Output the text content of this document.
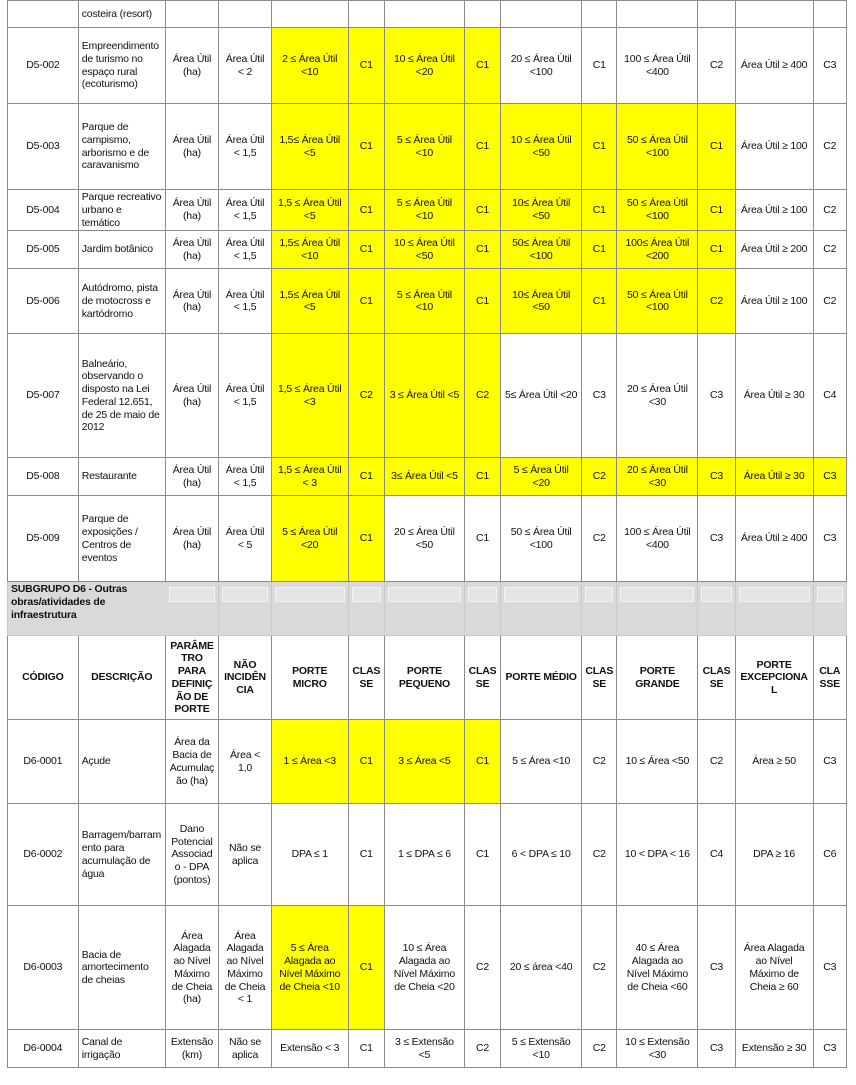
	costeira (resort)												
D5-002	Empreendimento de turismo no espaço rural (ecoturismo)	Área Útil (ha)	Área Útil < 2	2 ≤ Área Útil <10	C1	10 ≤ Área Útil <20	C1	20 ≤ Área Útil <100	C1	100 ≤ Área Útil <400	C2	Área Útil ≥ 400	C3
D5-003	Parque de campismo, arborismo e de caravanismo	Área Útil (ha)	Área Útil < 1,5	1,5≤ Área Útil <5	C1	5 ≤ Área Útil <10	C1	10 ≤ Área Útil <50	C1	50 ≤ Área Útil <100	C1	Área Útil ≥ 100	C2
D5-004	Parque recreativo urbano e temático	Área Útil (ha)	Área Útil < 1,5	1,5 ≤ Área Útil <5	C1	5 ≤ Área Útil <10	C1	10≤ Área Útil <50	C1	50 ≤ Área Útil <100	C1	Área Útil ≥ 100	C2
D5-005	Jardim botânico	Área Útil (ha)	Área Útil < 1,5	1,5≤ Área Útil <10	C1	10 ≤ Área Útil <50	C1	50≤ Área Útil <100	C1	100≤ Área Útil <200	C1	Área Útil ≥ 200	C2
D5-006	Autódromo, pista de motocross e kartódromo	Área Útil (ha)	Área Útil < 1,5	1,5≤ Área Útil <5	C1	5 ≤ Área Útil <10	C1	10≤ Área Útil <50	C1	50 ≤ Área Útil <100	C2	Área Útil ≥ 100	C2
D5-007	Balneário, observando o disposto na Lei Federal 12.651, de 25 de maio de 2012	Área Útil (ha)	Área Útil < 1,5	1,5 ≤ Área Útil <3	C2	3 ≤ Área Útil <5	C2	5≤ Área Útil <20	C3	20 ≤ Área Útil <30	C3	Área Útil ≥ 30	C4
D5-008	Restaurante	Área Útil (ha)	Área Útil < 1,5	1,5 ≤ Área Útil < 3	C1	3≤ Área Útil <5	C1	5 ≤ Área Útil <20	C2	20 ≤ Área Útil <30	C3	Área Útil ≥ 30	C3
D5-009	Parque de exposições / Centros de eventos	Área Útil (ha)	Área Útil < 5	5 ≤ Área Útil <20	C1	20 ≤ Área Útil <50	C1	50 ≤ Área Útil <100	C2	100 ≤ Área Útil <400	C3	Área Útil ≥ 400	C3
SUBGRUPO D6 - Outras obras/atividades de infraestrutura		

CÓDIGO	DESCRIÇÃO	PARÂMETRO PARA DEFINIÇÃO DE PORTE	NÃO INCIDÊNCIA	PORTE MICRO	CLASSE	PORTE PEQUENO	CLASSE	PORTE MÉDIO	CLASSE	PORTE GRANDE	CLASSE	PORTE EXCEPCIONAL	CLASSE
D6-0001	Açude	Área da Bacia de Acumulação (ha)	Área < 1,0	1 ≤ Área <3	C1	3 ≤ Área <5	C1	5 ≤ Área <10	C2	10 ≤ Área <50	C2	Área ≥ 50	C3
D6-0002	Barragem/barramento para acumulação de água	Dano Potencial Associado - DPA (pontos)	Não se aplica	DPA ≤ 1	C1	1 ≤ DPA ≤ 6	C1	6 < DPA ≤ 10	C2	10 < DPA < 16	C4	DPA ≥ 16	C6
D6-0003	Bacia de amortecimento de cheias	Área Alagada ao Nível Máximo de Cheia (ha)	Área Alagada ao Nível Máximo de Cheia < 1	5 ≤ Área Alagada ao Nível Máximo de Cheia <10	C1	10 ≤ Área Alagada ao Nível Máximo de Cheia <20	C2	20 ≤ área <40	C2	40 ≤ Área Alagada ao Nível Máximo de Cheia <60	C3	Área Alagada ao Nível Máximo de Cheia ≥ 60	C3
D6-0004	Canal de irrigação	Extensão (km)	Não se aplica	Extensão < 3	C1	3 ≤ Extensão <5	C2	5 ≤ Extensão <10	C2	10 ≤ Extensão <30	C3	Extensão ≥ 30	C3
